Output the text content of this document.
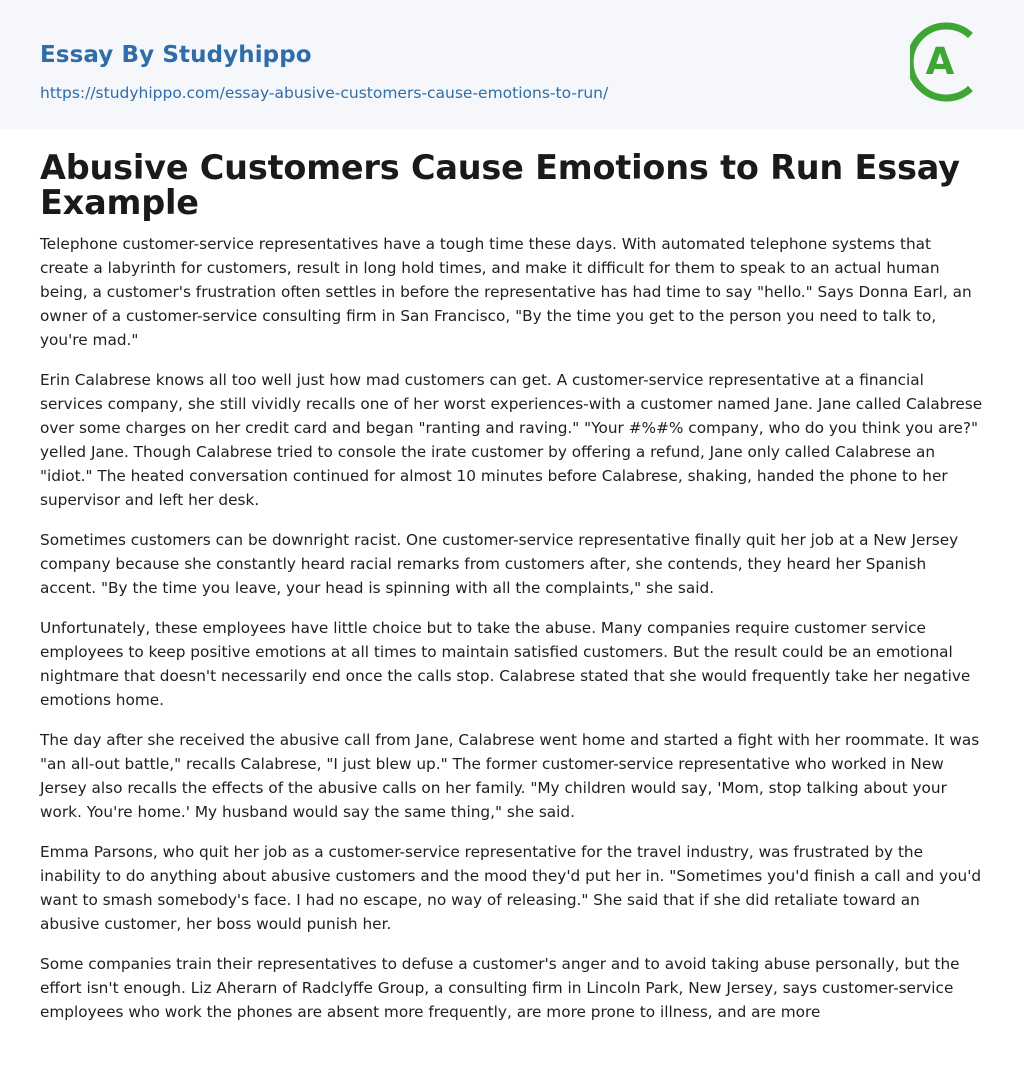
Essay By Studyhippo
https://studyhippo.com/essay-abusive-customers-cause-emotions-to-run/
A
Abusive Customers Cause Emotions to Run Essay Example

Telephone customer-service representatives have a tough time these days. With automated telephone systems that create a labyrinth for customers, result in long hold times, and make it difficult for them to speak to an actual human being, a customer's frustration often settles in before the representative has had time to say "hello." Says Donna Earl, an owner of a customer-service consulting firm in San Francisco, "By the time you get to the person you need to talk to, you're mad."

Erin Calabrese knows all too well just how mad customers can get. A customer-service representative at a financial services company, she still vividly recalls one of her worst experiences-with a customer named Jane. Jane called Calabrese over some charges on her credit card and began "ranting and raving." "Your #%#% company, who do you think you are?" yelled Jane. Though Calabrese tried to console the irate customer by offering a refund, Jane only called Calabrese an "idiot." The heated conversation continued for almost 10 minutes before Calabrese, shaking, handed the phone to her supervisor and left her desk.

Sometimes customers can be downright racist. One customer-service representative finally quit her job at a New Jersey company because she constantly heard racial remarks from customers after, she contends, they heard her Spanish accent. "By the time you leave, your head is spinning with all the complaints," she said.

Unfortunately, these employees have little choice but to take the abuse. Many companies require customer service employees to keep positive emotions at all times to maintain satisfied customers. But the result could be an emotional nightmare that doesn't necessarily end once the calls stop. Calabrese stated that she would frequently take her negative emotions home.

The day after she received the abusive call from Jane, Calabrese went home and started a fight with her roommate. It was "an all-out battle," recalls Calabrese, "I just blew up." The former customer-service representative who worked in New Jersey also recalls the effects of the abusive calls on her family. "My children would say, 'Mom, stop talking about your work. You're home.' My husband would say the same thing," she said.

Emma Parsons, who quit her job as a customer-service representative for the travel industry, was frustrated by the inability to do anything about abusive customers and the mood they'd put her in. "Sometimes you'd finish a call and you'd want to smash somebody's face. I had no escape, no way of releasing." She said that if she did retaliate toward an abusive customer, her boss would punish her.

Some companies train their representatives to defuse a customer's anger and to avoid taking abuse personally, but the effort isn't enough. Liz Aherarn of Radclyffe Group, a consulting firm in Lincoln Park, New Jersey, says customer-service employees who work the phones are absent more frequently, are more prone to illness, and are more
